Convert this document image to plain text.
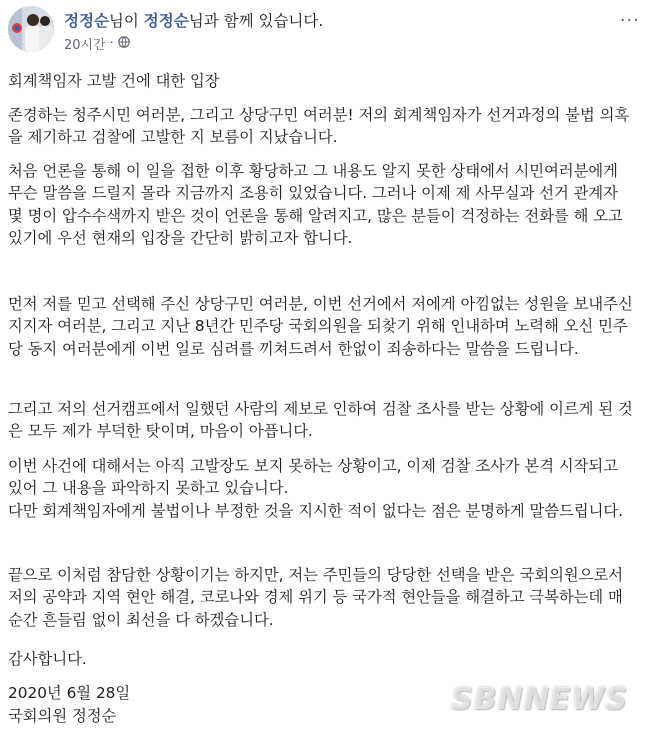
정정순님이 정정순님과 함께 있습니다.
20시간 ·
···
회계책임자 고발 건에 대한 입장
존경하는 청주시민 여러분, 그리고 상당구민 여러분! 저의 회계책임자가 선거과정의 불법 의혹을 제기하고 검찰에 고발한 지 보름이 지났습니다.
처음 언론을 통해 이 일을 접한 이후 황당하고 그 내용도 알지 못한 상태에서 시민여러분에게 무슨 말씀을 드릴지 몰라 지금까지 조용히 있었습니다. 그러나 이제 제 사무실과 선거 관계자 몇 명이 압수수색까지 받은 것이 언론을 통해 알려지고, 많은 분들이 걱정하는 전화를 해 오고 있기에 우선 현재의 입장을 간단히 밝히고자 합니다.
먼저 저를 믿고 선택해 주신 상당구민 여러분, 이번 선거에서 저에게 아낌없는 성원을 보내주신 지지자 여러분, 그리고 지난 8년간 민주당 국회의원을 되찾기 위해 인내하며 노력해 오신 민주당 동지 여러분에게 이번 일로 심려를 끼쳐드려서 한없이 죄송하다는 말씀을 드립니다.
그리고 저의 선거캠프에서 일했던 사람의 제보로 인하여 검찰 조사를 받는 상황에 이르게 된 것은 모두 제가 부덕한 탓이며, 마음이 아픕니다.
이번 사건에 대해서는 아직 고발장도 보지 못하는 상황이고, 이제 검찰 조사가 본격 시작되고 있어 그 내용을 파악하지 못하고 있습니다.
다만 회계책임자에게 불법이나 부정한 것을 지시한 적이 없다는 점은 분명하게 말씀드립니다.
끝으로 이처럼 참담한 상황이기는 하지만, 저는 주민들의 당당한 선택을 받은 국회의원으로서 저의 공약과 지역 현안 해결, 코로나와 경제 위기 등 국가적 현안들을 해결하고 극복하는데 매 순간 흔들림 없이 최선을 다 하겠습니다.
감사합니다.
2020년 6월 28일
국회의원 정정순	SBNNEWS
